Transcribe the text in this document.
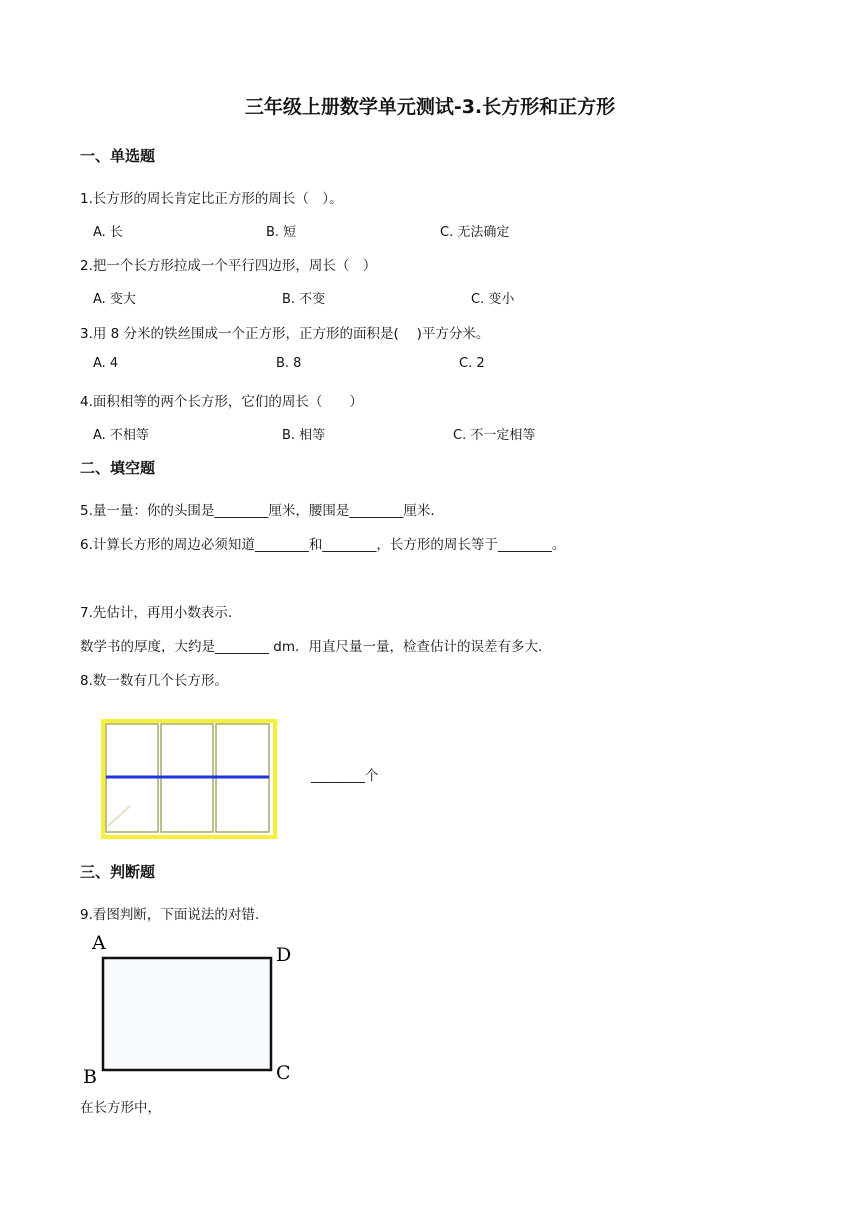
三年级上册数学单元测试-3.长方形和正方形
一、单选题
1.长方形的周长肯定比正方形的周长（　）。
A. 长	B. 短	C. 无法确定
2.把一个长方形拉成一个平行四边形，周长（　）
A. 变大	B. 不变	C. 变小
3.用 8 分米的铁丝围成一个正方形，正方形的面积是(　 )平方分米。
A. 4	B. 8	C. 2
4.面积相等的两个长方形，它们的周长（　　）
A. 不相等	B. 相等	C. 不一定相等
二、填空题
5.量一量：你的头围是________厘米，腰围是________厘米.
6.计算长方形的周边必须知道________和________，长方形的周长等于________。
7.先估计，再用小数表示.
数学书的厚度，大约是________ dm．用直尺量一量，检查估计的误差有多大.
8.数一数有几个长方形。
________个
三、判断题
9.看图判断，下面说法的对错.
A
D
B	C
在长方形中，
